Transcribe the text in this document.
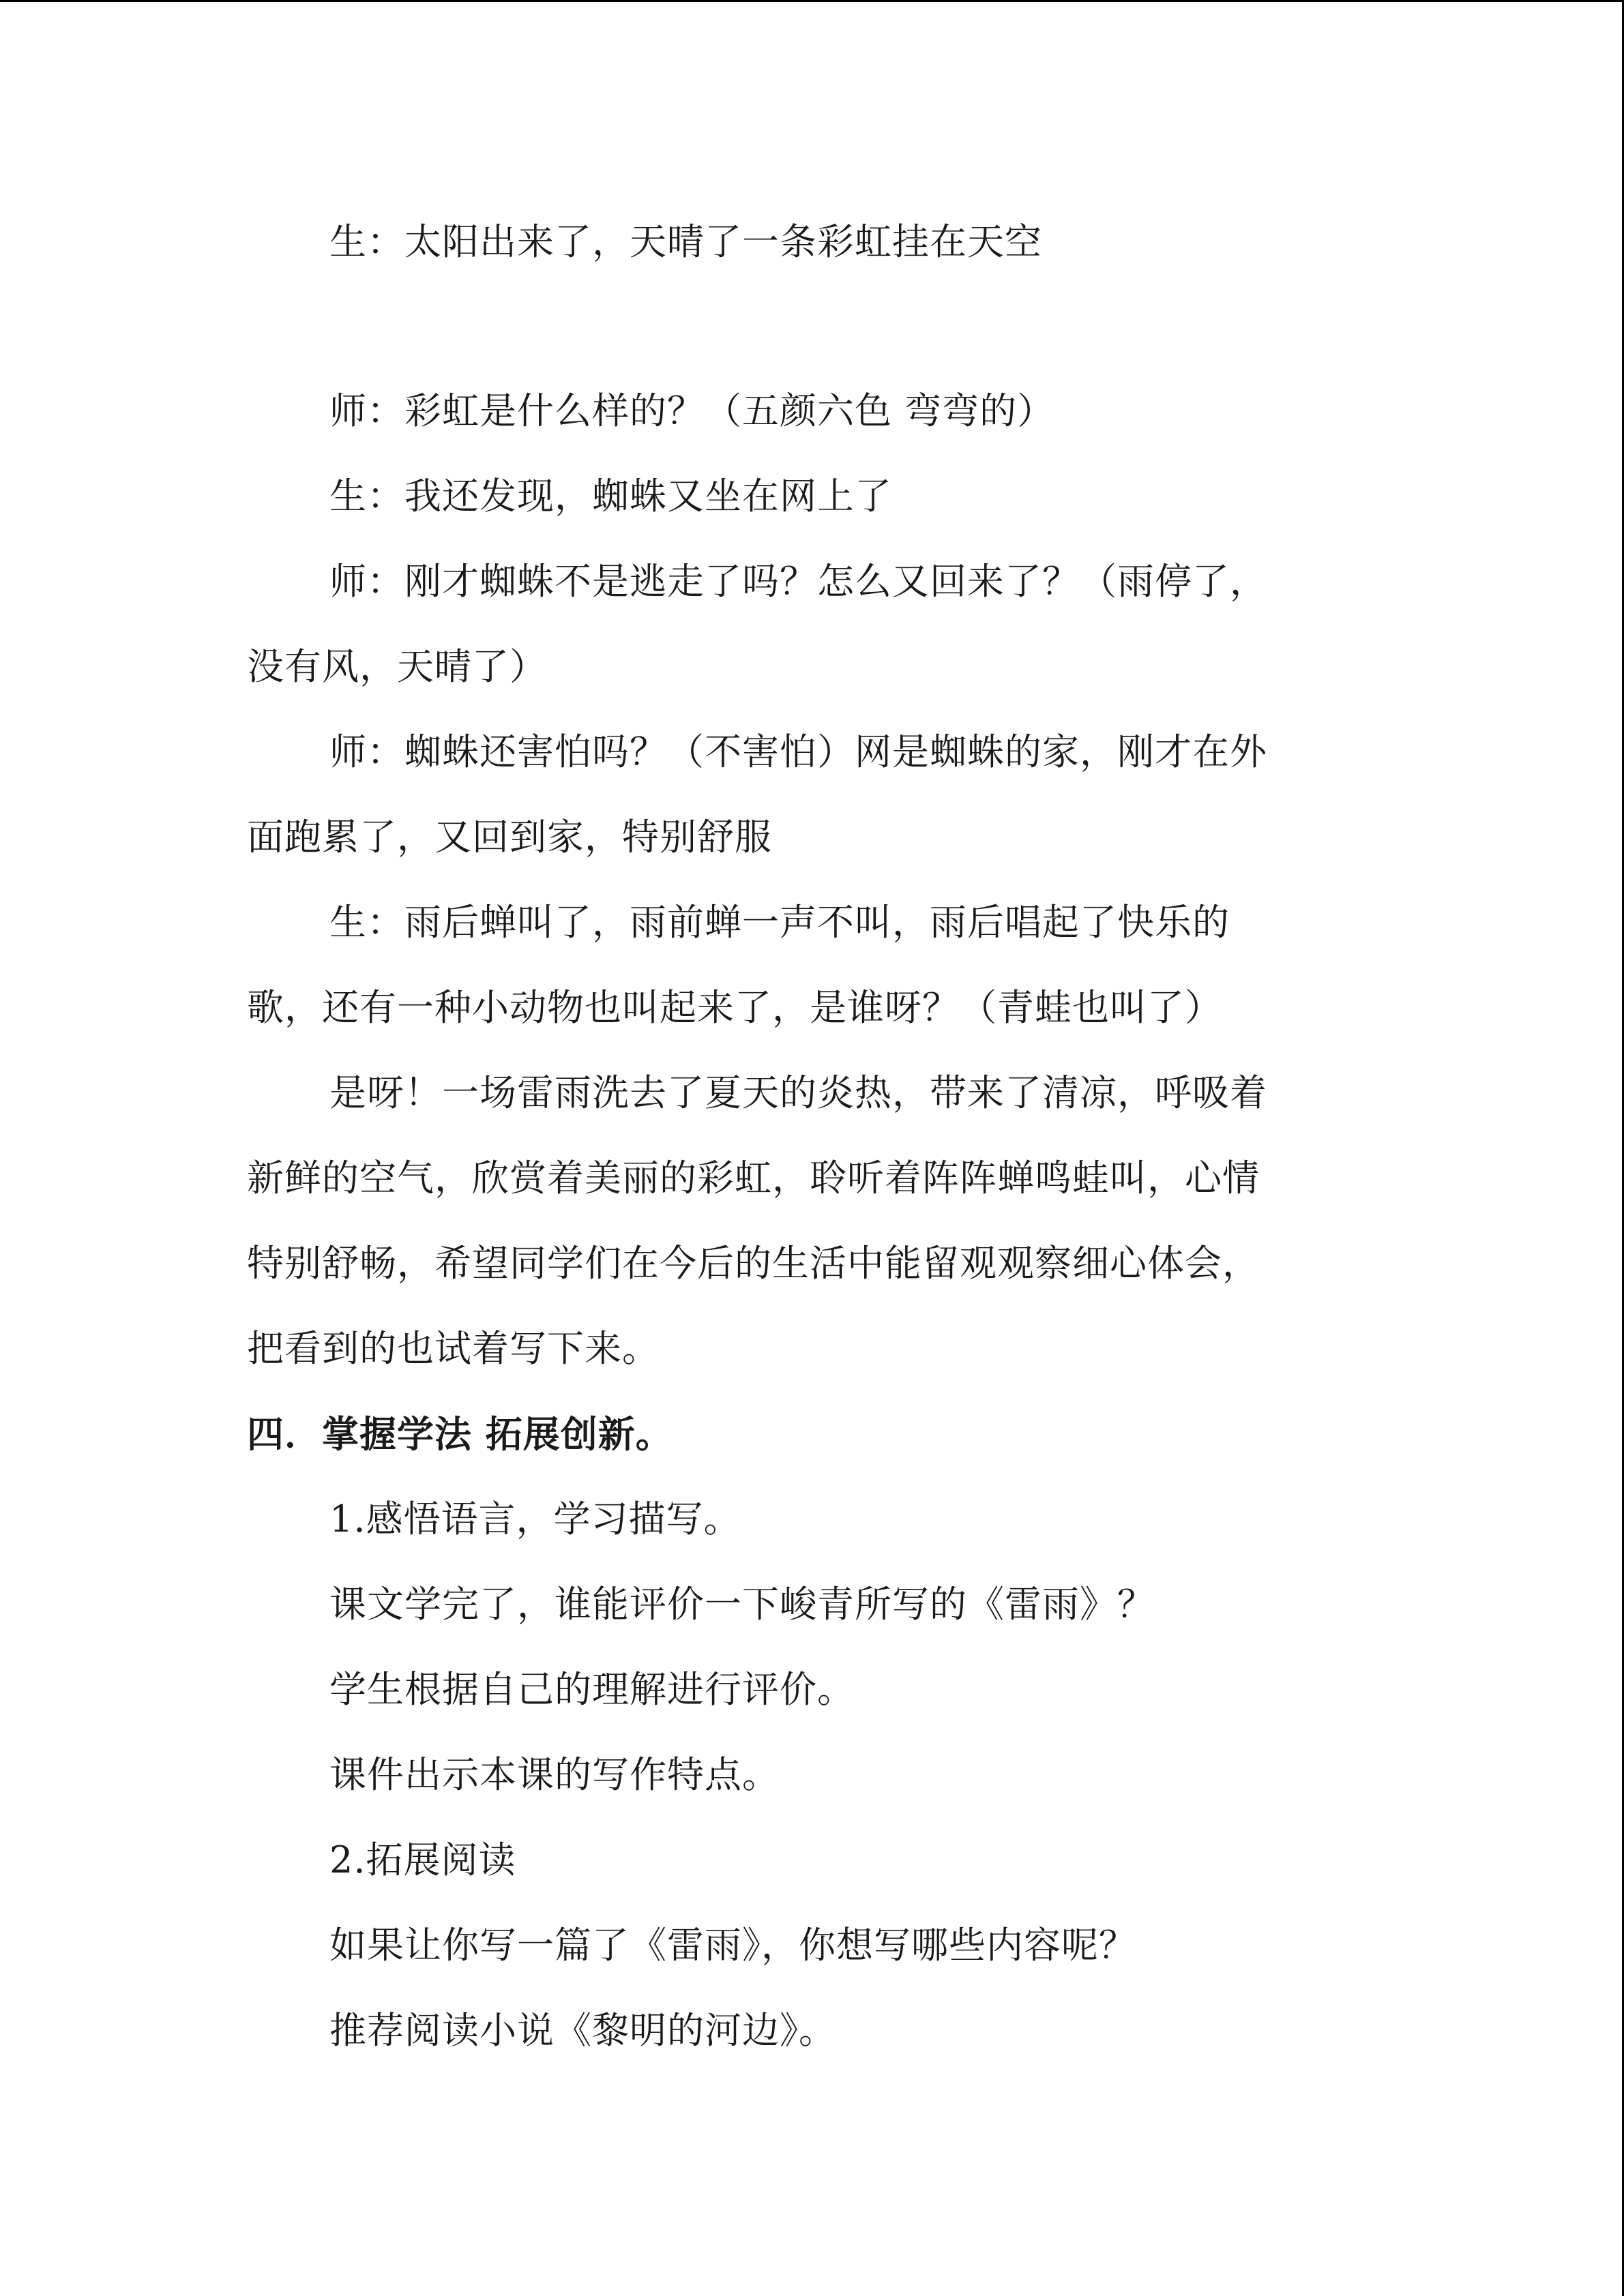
生：太阳出来了，天晴了一条彩虹挂在天空
师：彩虹是什么样的？（五颜六色 弯弯的）
生：我还发现，蜘蛛又坐在网上了
师：刚才蜘蛛不是逃走了吗？怎么又回来了？（雨停了，
没有风，天晴了）
师：蜘蛛还害怕吗？（不害怕）网是蜘蛛的家，刚才在外
面跑累了，又回到家，特别舒服
生：雨后蝉叫了，雨前蝉一声不叫，雨后唱起了快乐的
歌，还有一种小动物也叫起来了，是谁呀？（青蛙也叫了）
是呀！一场雷雨洗去了夏天的炎热，带来了清凉，呼吸着
新鲜的空气，欣赏着美丽的彩虹，聆听着阵阵蝉鸣蛙叫，心情
特别舒畅，希望同学们在今后的生活中能留观观察细心体会，
把看到的也试着写下来。
四．掌握学法 拓展创新。
1.感悟语言，学习描写。
课文学完了，谁能评价一下峻青所写的《雷雨》？
学生根据自己的理解进行评价。
课件出示本课的写作特点。
2.拓展阅读
如果让你写一篇了《雷雨》，你想写哪些内容呢？
推荐阅读小说《黎明的河边》。
